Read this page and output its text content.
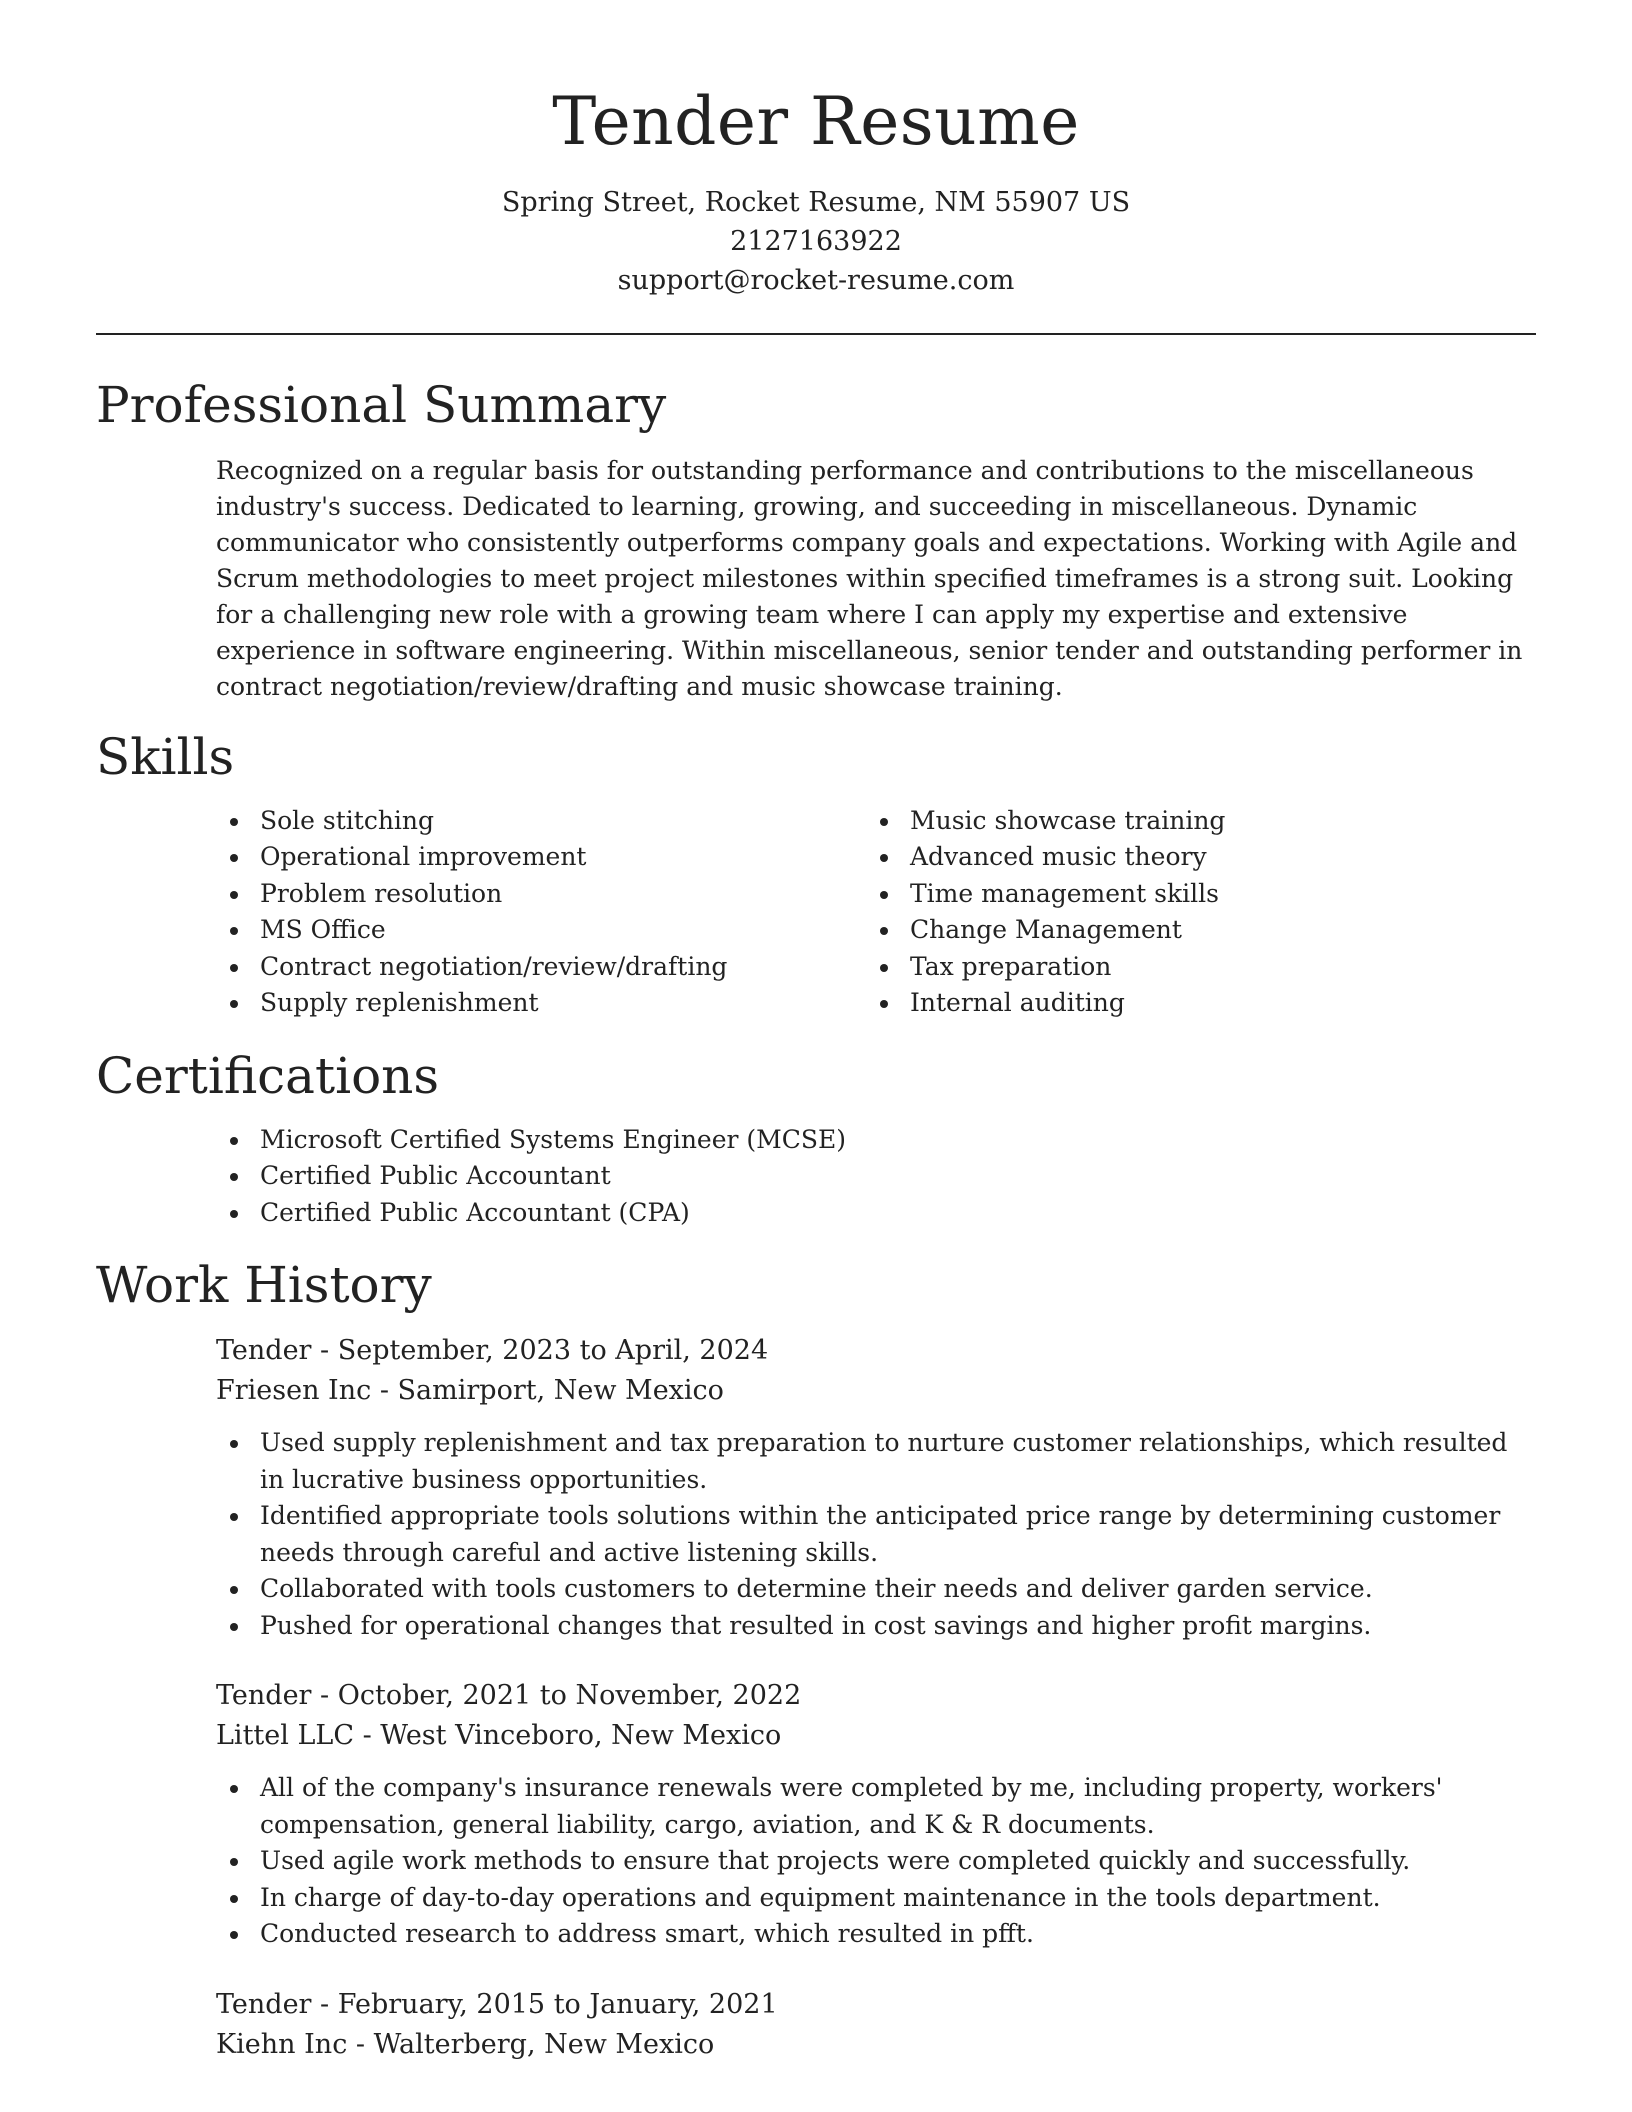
Tender Resume
Spring Street, Rocket Resume, NM 55907 US
2127163922
support@rocket-resume.com
Professional Summary

Recognized on a regular basis for outstanding performance and contributions to the miscellaneous industry's success. Dedicated to learning, growing, and succeeding in miscellaneous. Dynamic communicator who consistently outperforms company goals and expectations. Working with Agile and Scrum methodologies to meet project milestones within specified timeframes is a strong suit. Looking for a challenging new role with a growing team where I can apply my expertise and extensive experience in software engineering. Within miscellaneous, senior tender and outstanding performer in contract negotiation/review/drafting and music showcase training.

Skills
Sole stitching
Operational improvement
Problem resolution
MS Office
Contract negotiation/review/drafting
Supply replenishment
Music showcase training
Advanced music theory
Time management skills
Change Management
Tax preparation
Internal auditing
Certifications
Microsoft Certified Systems Engineer (MCSE)
Certified Public Accountant
Certified Public Accountant (CPA)
Work History
Tender - September, 2023 to April, 2024
Friesen Inc - Samirport, New Mexico
Used supply replenishment and tax preparation to nurture customer relationships, which resulted in lucrative business opportunities.
Identified appropriate tools solutions within the anticipated price range by determining customer needs through careful and active listening skills.
Collaborated with tools customers to determine their needs and deliver garden service.
Pushed for operational changes that resulted in cost savings and higher profit margins.
Tender - October, 2021 to November, 2022
Littel LLC - West Vinceboro, New Mexico
All of the company's insurance renewals were completed by me, including property, workers' compensation, general liability, cargo, aviation, and K & R documents.
Used agile work methods to ensure that projects were completed quickly and successfully.
In charge of day-to-day operations and equipment maintenance in the tools department.
Conducted research to address smart, which resulted in pfft.
Tender - February, 2015 to January, 2021
Kiehn Inc - Walterberg, New Mexico
